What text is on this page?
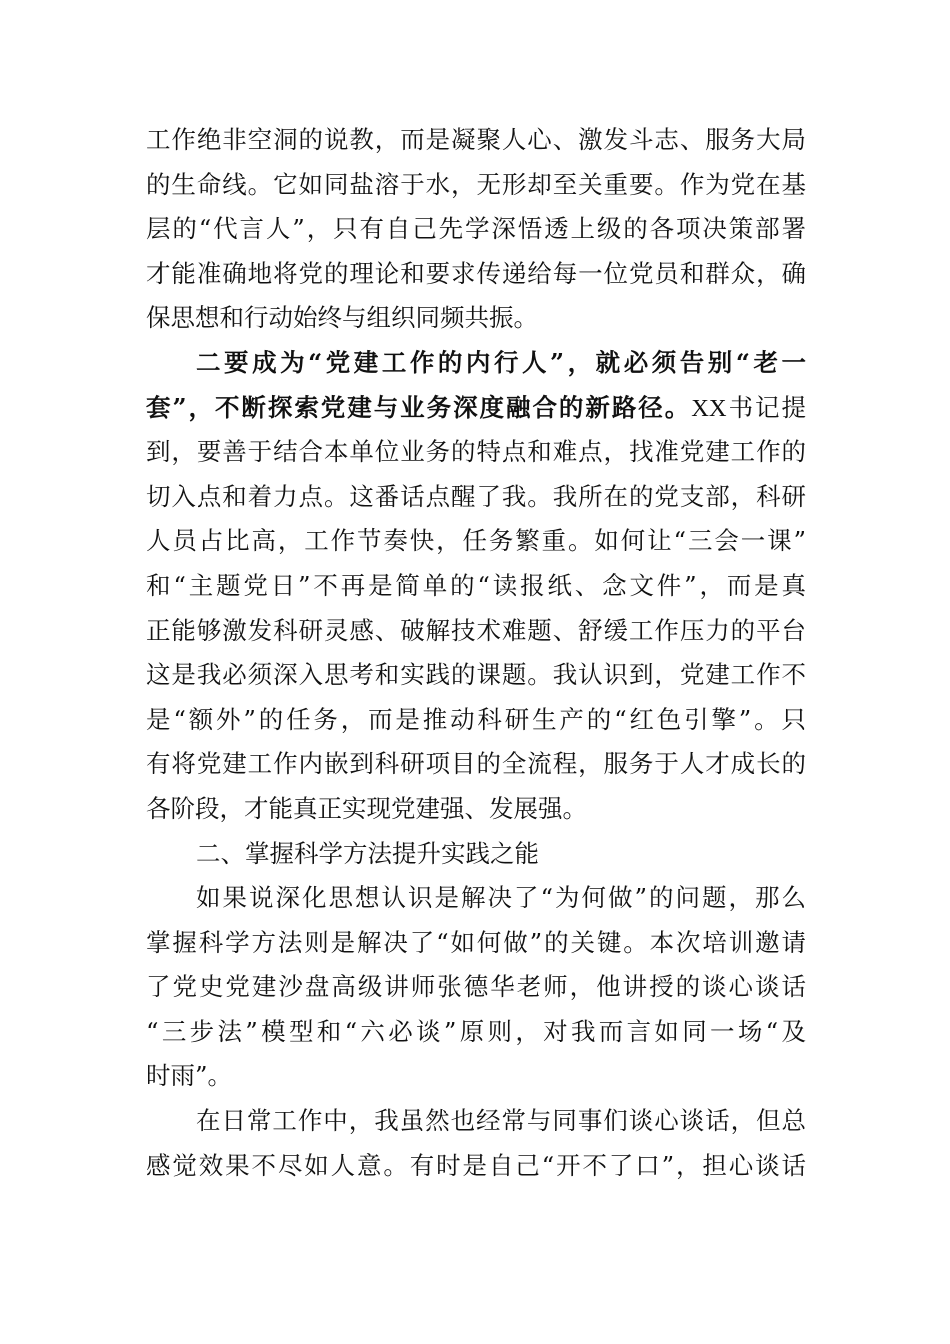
工作绝非空洞的说教，而是凝聚人心、激发斗志、服务大局
的生命线。它如同盐溶于水，无形却至关重要。作为党在基
层的“代言人”，只有自己先学深悟透上级的各项决策部署
才能准确地将党的理论和要求传递给每一位党员和群众，确
保思想和行动始终与组织同频共振。
二要成为“党建工作的内行人”，就必须告别“老一
套”，不断探索党建与业务深度融合的新路径。XX书记提
到，要善于结合本单位业务的特点和难点，找准党建工作的
切入点和着力点。这番话点醒了我。我所在的党支部，科研
人员占比高，工作节奏快，任务繁重。如何让“三会一课”
和“主题党日”不再是简单的“读报纸、念文件”，而是真
正能够激发科研灵感、破解技术难题、舒缓工作压力的平台
这是我必须深入思考和实践的课题。我认识到，党建工作不
是“额外”的任务，而是推动科研生产的“红色引擎”。只
有将党建工作内嵌到科研项目的全流程，服务于人才成长的
各阶段，才能真正实现党建强、发展强。
二、掌握科学方法提升实践之能
如果说深化思想认识是解决了“为何做”的问题，那么
掌握科学方法则是解决了“如何做”的关键。本次培训邀请
了党史党建沙盘高级讲师张德华老师，他讲授的谈心谈话
“三步法”模型和“六必谈”原则，对我而言如同一场“及
时雨”。
在日常工作中，我虽然也经常与同事们谈心谈话，但总
感觉效果不尽如人意。有时是自己“开不了口”，担心谈话
